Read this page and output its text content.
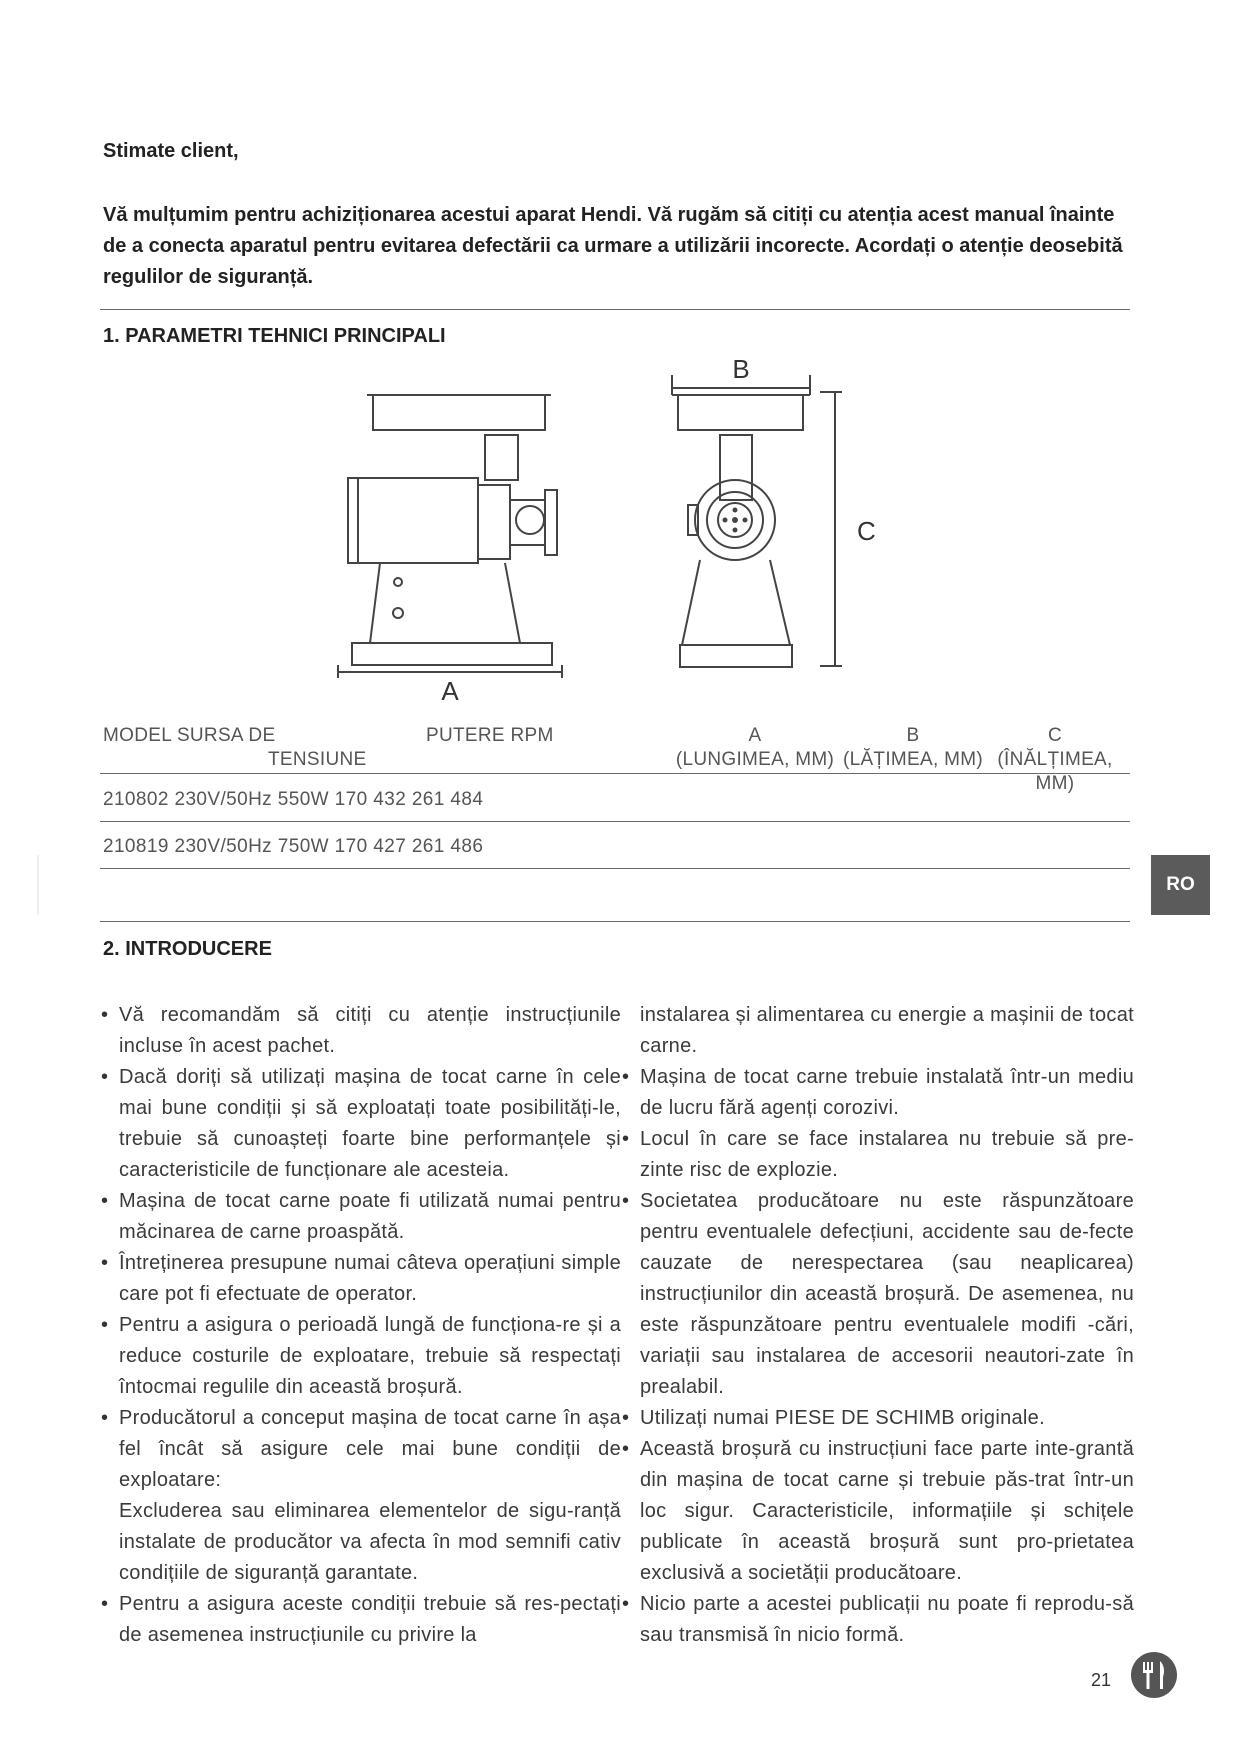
Stimate client,
Vă mulțumim pentru achiziționarea acestui aparat Hendi. Vă rugăm să citiți cu atenția acest manual înainte de a conecta aparatul pentru evitarea defectării ca urmare a utilizării incorecte. Acordați o atenție deosebită regulilor de siguranță.
1. PARAMETRI TEHNICI PRINCIPALI
A
B
C
MODEL SURSA DE
TENSIUNE
PUTERE RPM	A
(LUNGIMEA, MM)
B
(LĂȚIMEA, MM)
C
(ÎNĂLȚIMEA, MM)
210802 230V/50Hz 550W 170 432 261 484
210819 230V/50Hz 750W 170 427 261 486
RO
2. INTRODUCERE
• Vă recomandăm să citiți cu atenție instrucțiunile incluse în acest pachet.
• Dacă doriți să utilizați mașina de tocat carne în cele mai bune condiții și să exploatați toate posibilități-le, trebuie să cunoașteți foarte bine performanțele și caracteristicile de funcționare ale acesteia.
• Mașina de tocat carne poate fi utilizată numai pentru măcinarea de carne proaspătă.
• Întreținerea presupune numai câteva operațiuni simple care pot fi efectuate de operator.
• Pentru a asigura o perioadă lungă de funcționa-re și a reduce costurile de exploatare, trebuie să respectați întocmai regulile din această broșură.
• Producătorul a conceput mașina de tocat carne în așa fel încât să asigure cele mai bune condiții de exploatare:
Excluderea sau eliminarea elementelor de sigu-ranță instalate de producător va afecta în mod semnifi cativ condițiile de siguranță garantate.
• Pentru a asigura aceste condiții trebuie să res-pectați de asemenea instrucțiunile cu privire la
instalarea și alimentarea cu energie a mașinii de tocat carne.
• Mașina de tocat carne trebuie instalată într-un mediu de lucru fără agenți corozivi.
• Locul în care se face instalarea nu trebuie să pre-zinte risc de explozie.
• Societatea producătoare nu este răspunzătoare pentru eventualele defecțiuni, accidente sau de-fecte cauzate de nerespectarea (sau neaplicarea) instrucțiunilor din această broșură. De asemenea, nu este răspunzătoare pentru eventualele modifi -cări, variații sau instalarea de accesorii neautori-zate în prealabil.
• Utilizați numai PIESE DE SCHIMB originale.
• Această broșură cu instrucțiuni face parte inte-grantă din mașina de tocat carne și trebuie păs-trat într-un loc sigur. Caracteristicile, informațiile și schițele publicate în această broșură sunt pro-prietatea exclusivă a societății producătoare.
• Nicio parte a acestei publicații nu poate fi reprodu-să sau transmisă în nicio formă.
21
